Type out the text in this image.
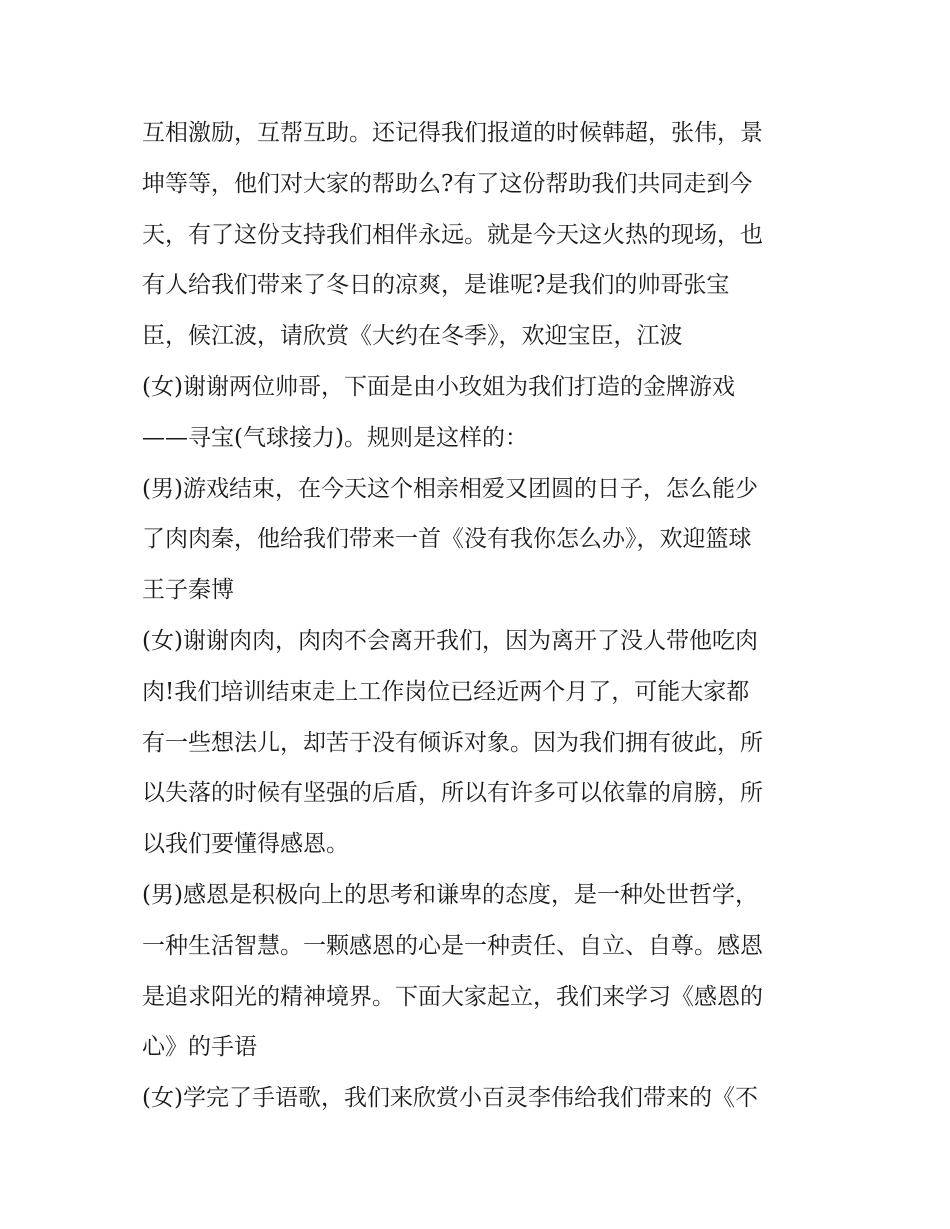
互相激励，互帮互助。还记得我们报道的时候韩超，张伟，景
坤等等，他们对大家的帮助么?有了这份帮助我们共同走到今
天，有了这份支持我们相伴永远。就是今天这火热的现场，也
有人给我们带来了冬日的凉爽，是谁呢?是我们的帅哥张宝
臣，候江波，请欣赏《大约在冬季》，欢迎宝臣，江波
(女)谢谢两位帅哥，下面是由小玫姐为我们打造的金牌游戏
——寻宝(气球接力)。规则是这样的：
(男)游戏结束，在今天这个相亲相爱又团圆的日子，怎么能少
了肉肉秦，他给我们带来一首《没有我你怎么办》，欢迎篮球
王子秦博
(女)谢谢肉肉，肉肉不会离开我们，因为离开了没人带他吃肉
肉!我们培训结束走上工作岗位已经近两个月了，可能大家都
有一些想法儿，却苦于没有倾诉对象。因为我们拥有彼此，所
以失落的时候有坚强的后盾，所以有许多可以依靠的肩膀，所
以我们要懂得感恩。
(男)感恩是积极向上的思考和谦卑的态度，是一种处世哲学，
一种生活智慧。一颗感恩的心是一种责任、自立、自尊。感恩
是追求阳光的精神境界。下面大家起立，我们来学习《感恩的
心》的手语
(女)学完了手语歌，我们来欣赏小百灵李伟给我们带来的《不
